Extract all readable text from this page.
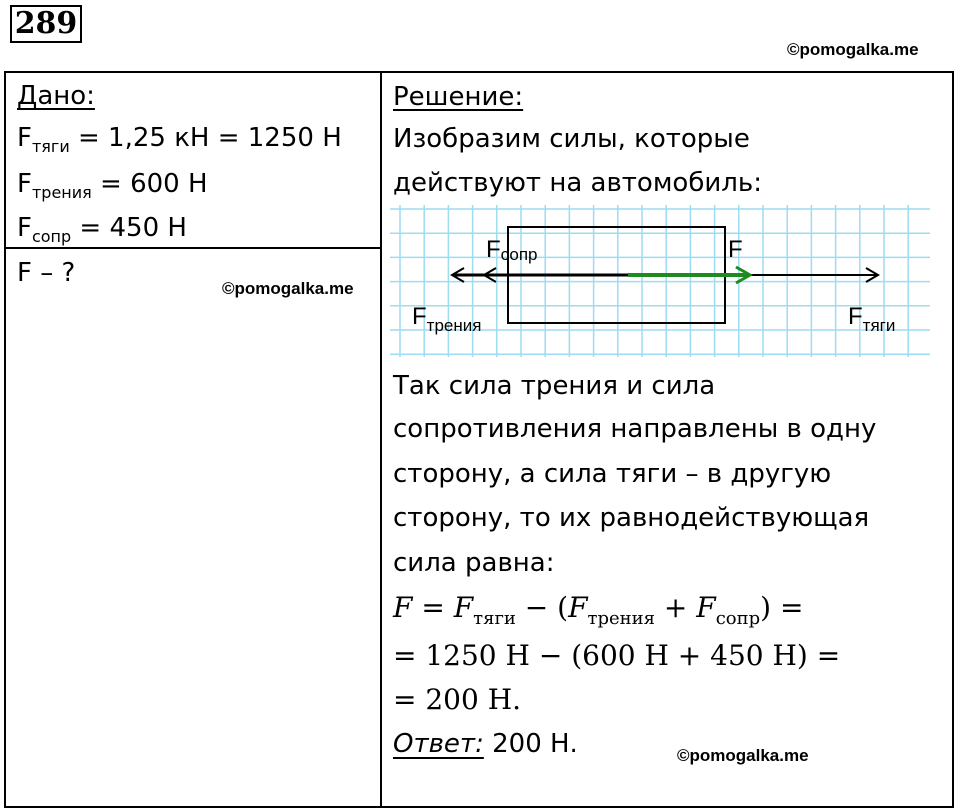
289
©pomogalka.me
Дано:
$F_{тяги} = 1,25$ кН = 1250 Н
$F_{трения} = 600$ Н
$F_{сопр} = 450$ Н
F – ?
©pomogalka.me
Решение:
Изобразим силы, которые
действуют на автомобиль:
Fсопр	F
$F_{трения}$	$F_{тяги}$
Так сила трения и сила
сопротивления направлены в одну
сторону, а сила тяги – в другую
сторону, то их равнодействующая
сила равна:
$F = F_{тяги} - (F_{трения} + F_{сопр})$ =
= 1250 Н − (600 Н + 450 Н) =
= 200 Н.
Ответ: 200 Н.	©pomogalka.me
